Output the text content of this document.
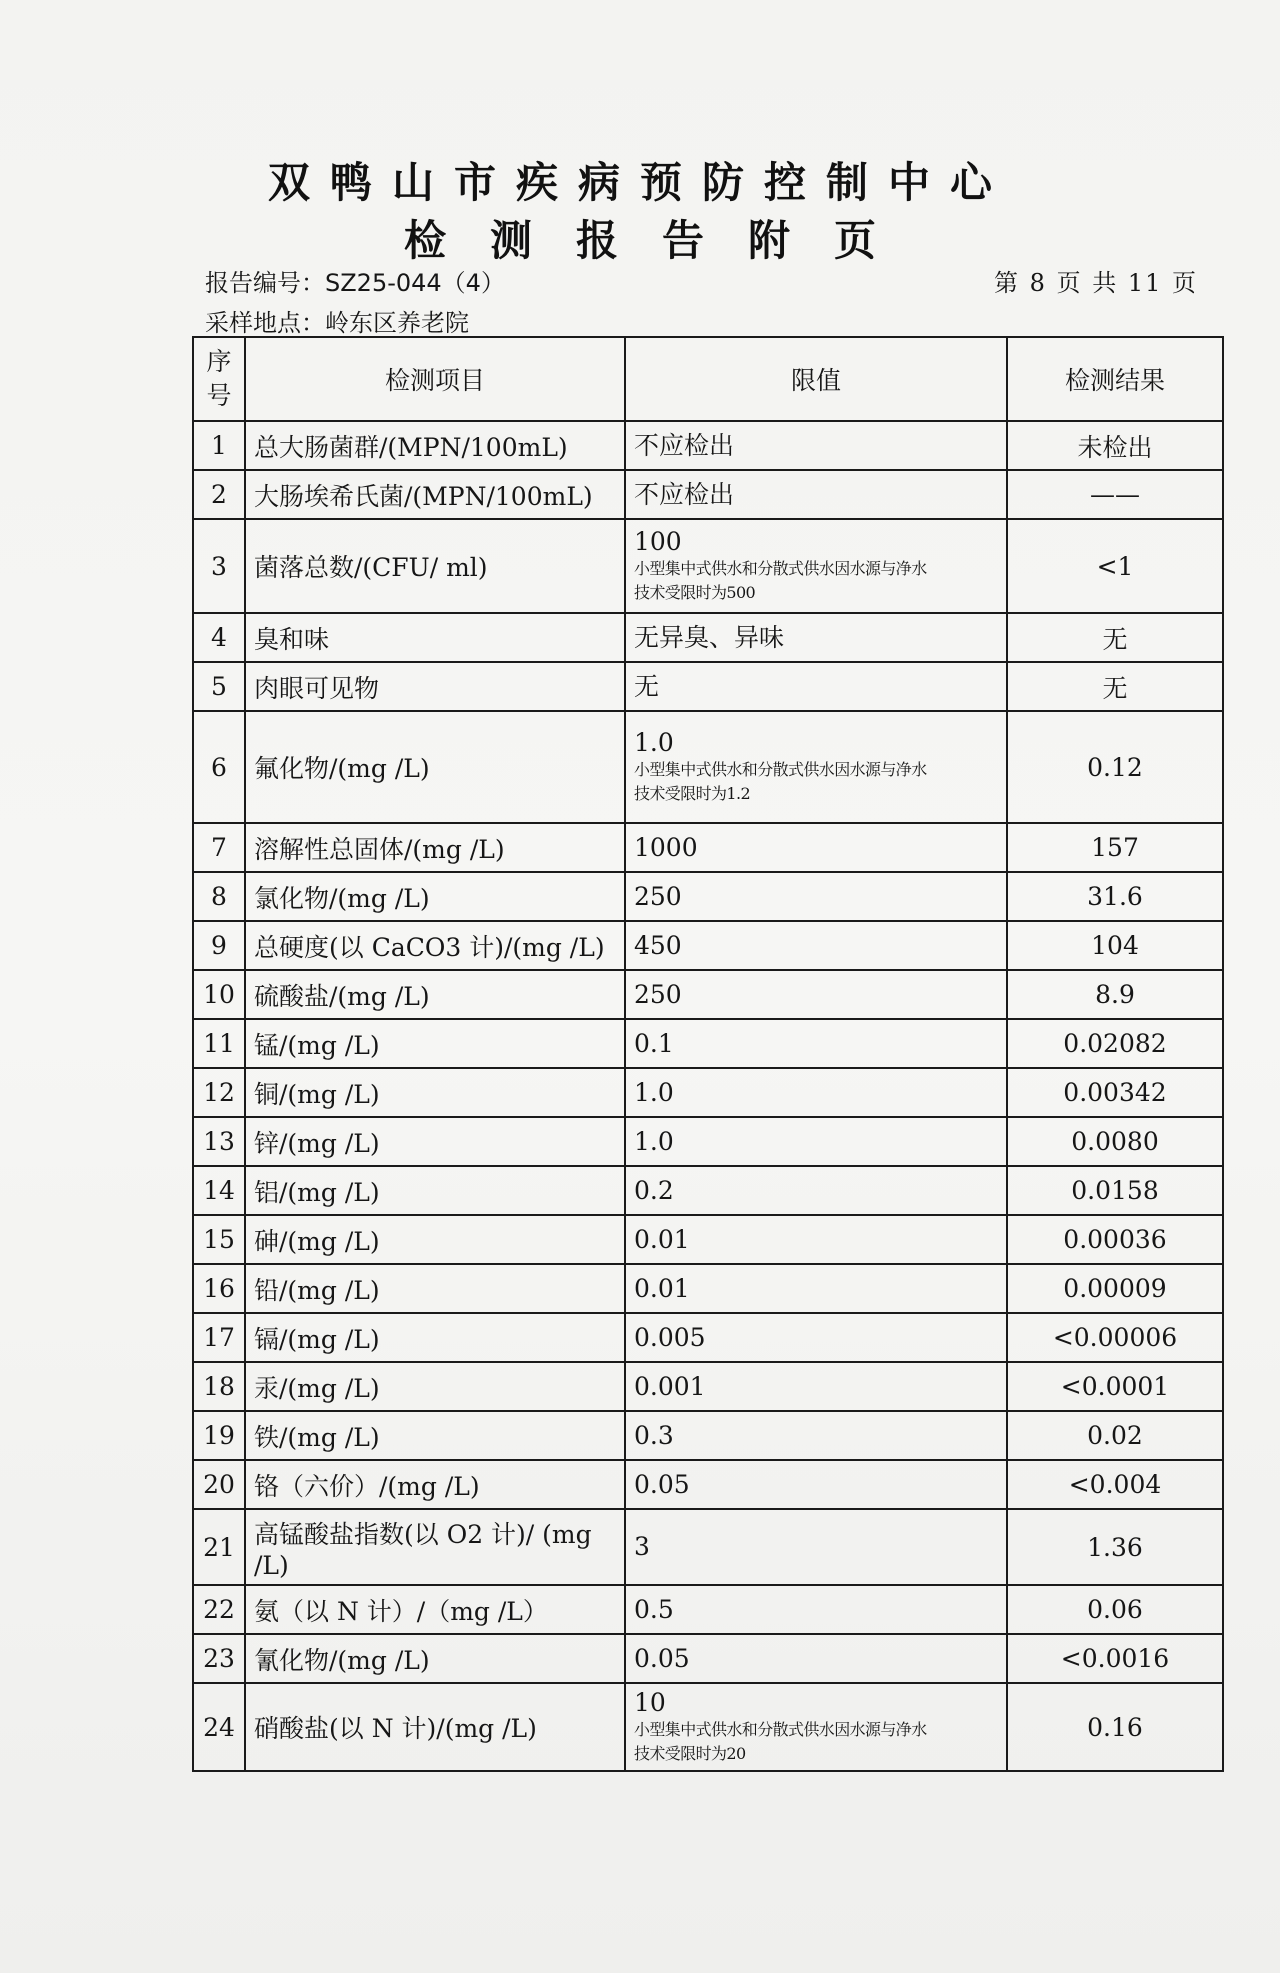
双鸭山市疾病预防控制中心
检测报告附页
报告编号：SZ25-044（4）	第 8 页 共 11 页
采样地点：岭东区养老院
序号	检测项目	限值	检测结果
1	总大肠菌群/(MPN/100mL)	不应检出	未检出
2	大肠埃希氏菌/(MPN/100mL)	不应检出	——
3	菌落总数/(CFU/ ml)	100
小型集中式供水和分散式供水因水源与净水
技术受限时为500	<1
4	臭和味	无异臭、异味	无
5	肉眼可见物	无	无
6	氟化物/(mg /L)	1.0
小型集中式供水和分散式供水因水源与净水
技术受限时为1.2	0.12
7	溶解性总固体/(mg /L)	1000	157
8	氯化物/(mg /L)	250	31.6
9	总硬度(以 CaCO3 计)/(mg /L)	450	104
10	硫酸盐/(mg /L)	250	8.9
11	锰/(mg /L)	0.1	0.02082
12	铜/(mg /L)	1.0	0.00342
13	锌/(mg /L)	1.0	0.0080
14	铝/(mg /L)	0.2	0.0158
15	砷/(mg /L)	0.01	0.00036
16	铅/(mg /L)	0.01	0.00009
17	镉/(mg /L)	0.005	<0.00006
18	汞/(mg /L)	0.001	<0.0001
19	铁/(mg /L)	0.3	0.02
20	铬（六价）/(mg /L)	0.05	<0.004
21	高锰酸盐指数(以 O2 计)/ (mg /L)	3	1.36
22	氨（以 N 计）/（mg /L）	0.5	0.06
23	氰化物/(mg /L)	0.05	<0.0016
24	硝酸盐(以 N 计)/(mg /L)	10
小型集中式供水和分散式供水因水源与净水
技术受限时为20	0.16
